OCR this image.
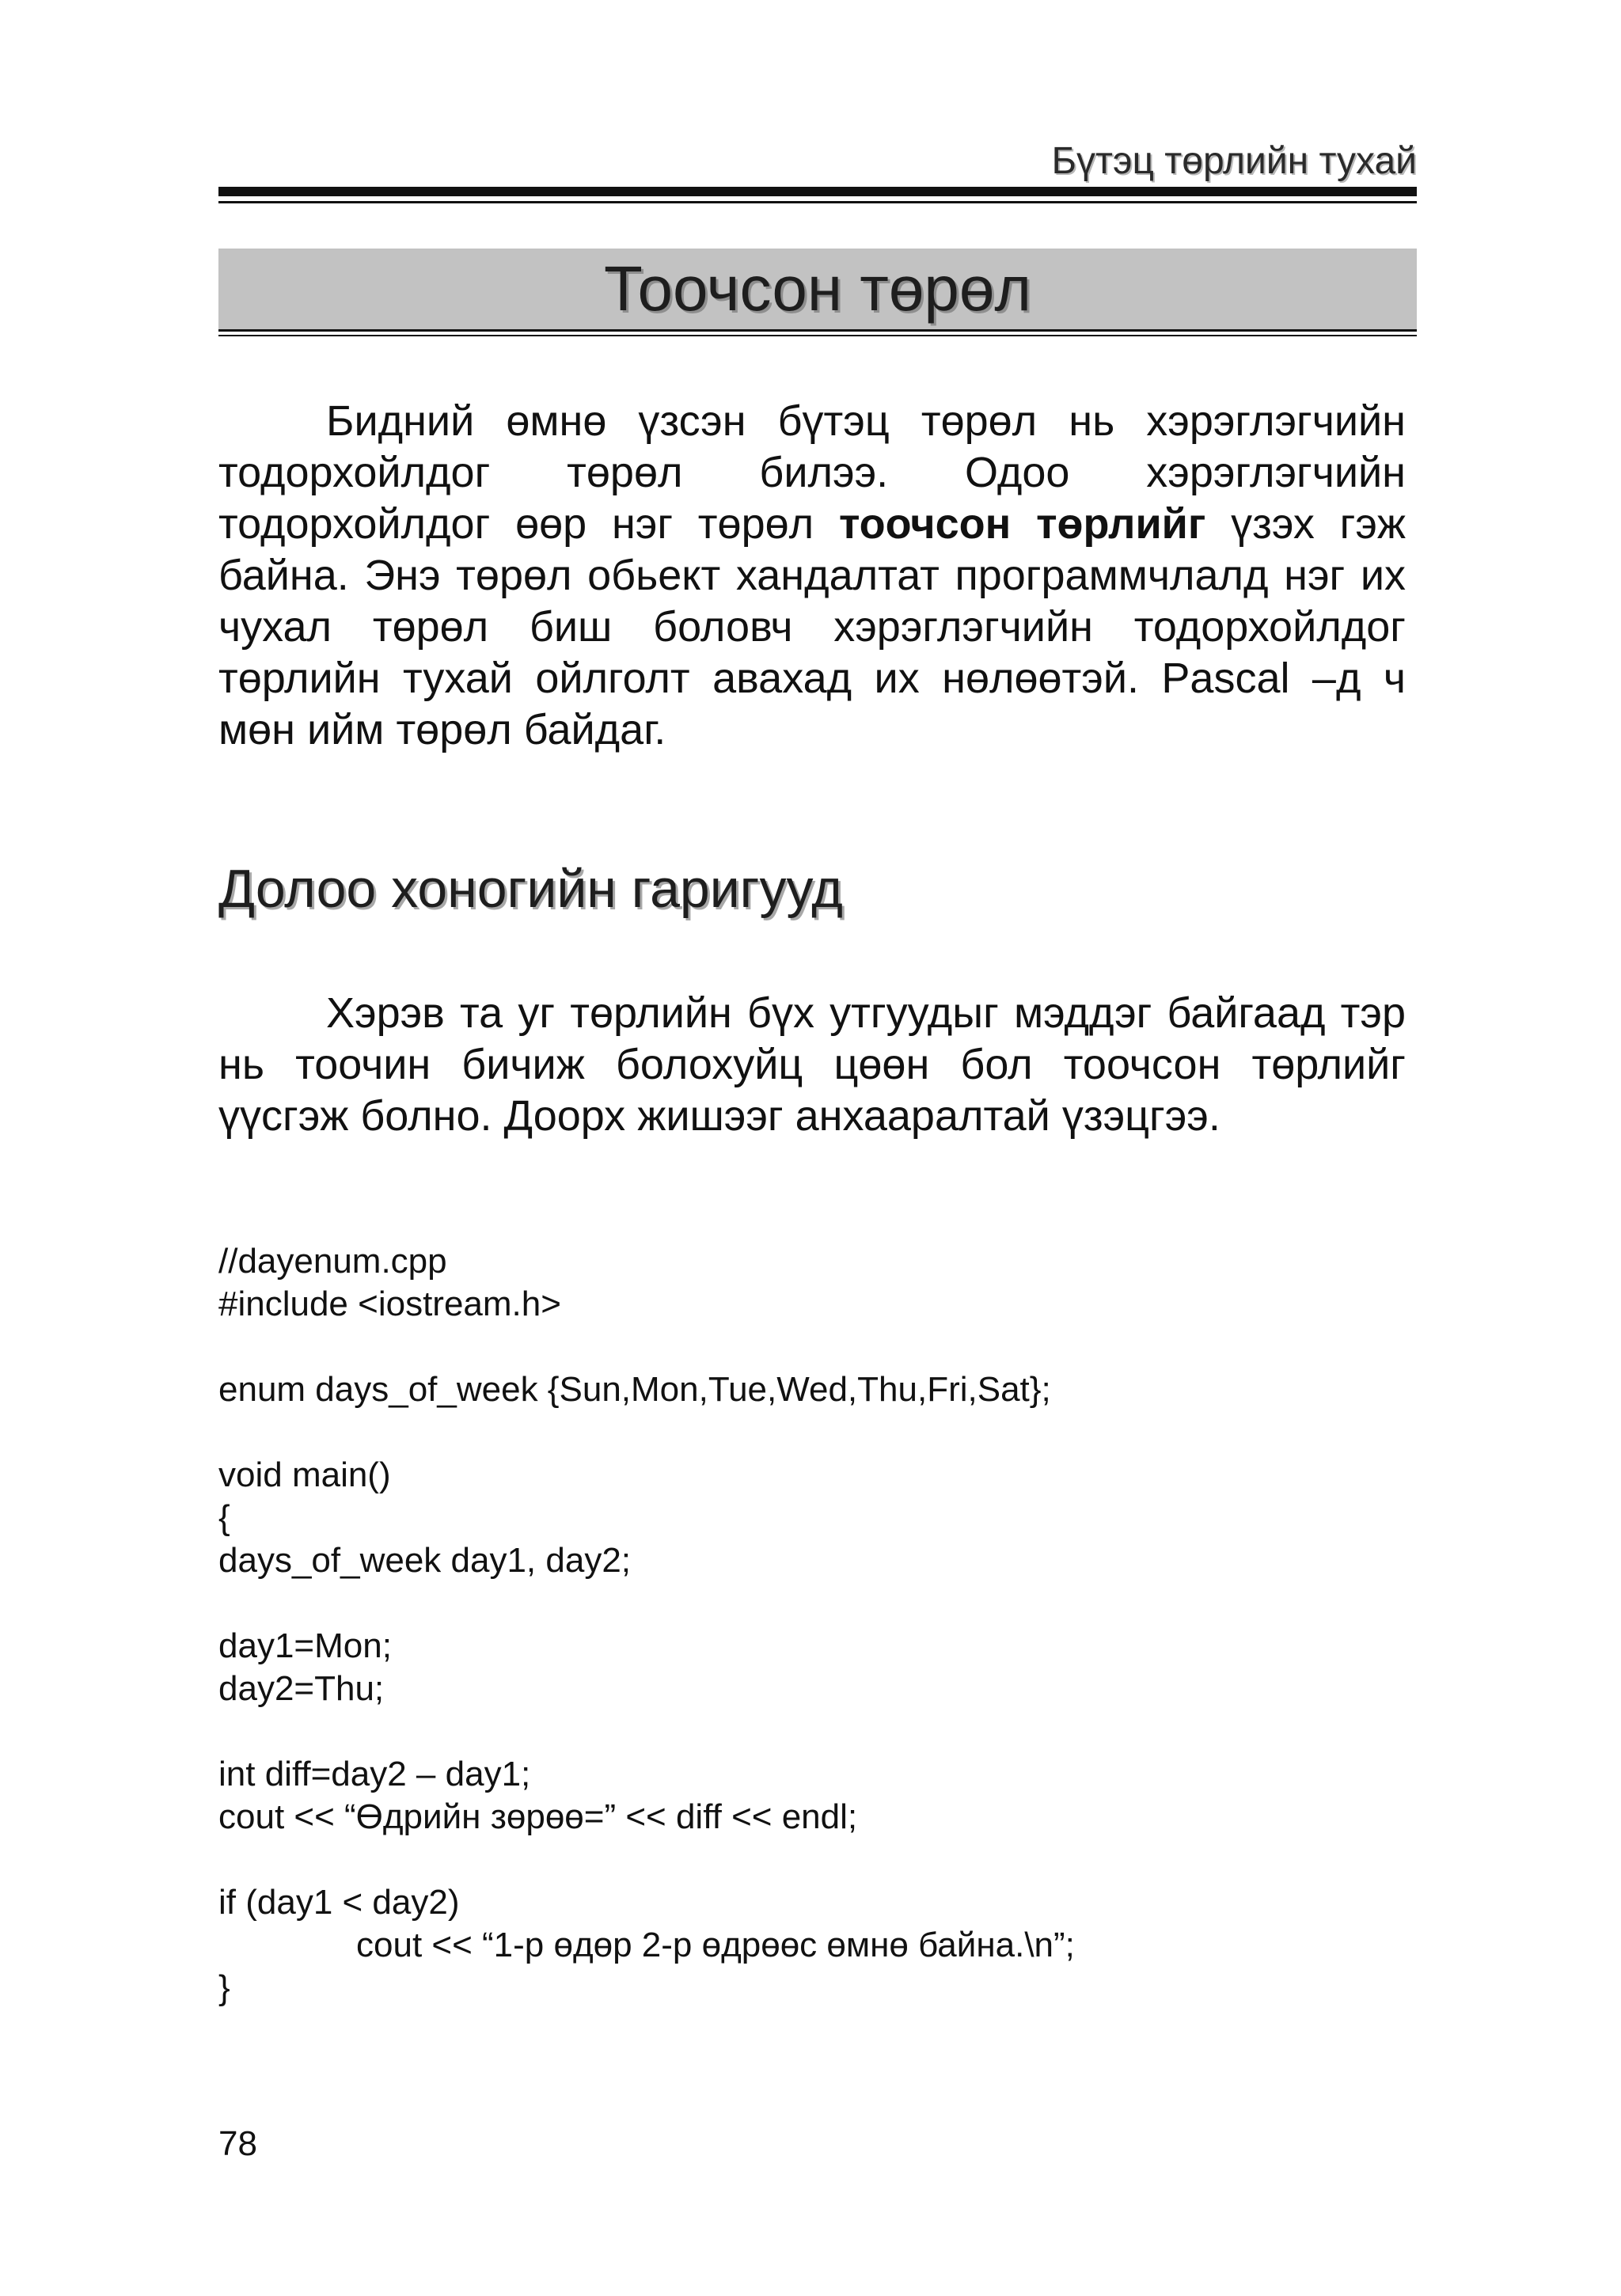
Бүтэц төрлийн тухай
Тоочсон төрөл

Бидний өмнө үзсэн бүтэц төрөл нь хэрэглэгчийн тодорхойлдог төрөл билээ. Одоо хэрэглэгчийн тодорхойлдог өөр нэг төрөл тоочсон төрлийг үзэх гэж байна. Энэ төрөл обьект хандалтат программчлалд нэг их чухал төрөл биш боловч хэрэглэгчийн тодорхойлдог төрлийн тухай ойлголт авахад их нөлөөтэй. Pascal –д ч мөн ийм төрөл байдаг.

Долоо хоногийн гаригууд

Хэрэв та уг төрлийн бүх утгуудыг мэддэг байгаад тэр нь тоочин бичиж болохуйц цөөн бол тоочсон төрлийг үүсгэж болно. Доорх жишээг анхааралтай үзэцгээ.

//dayenum.cpp
#include <iostream.h>
enum days_of_week {Sun,Mon,Tue,Wed,Thu,Fri,Sat};
void main()
{
days_of_week day1, day2;
day1=Mon;
day2=Thu;
int diff=day2 – day1;
cout << “Өдрийн зөрөө=” << diff << endl;
if (day1 < day2)
cout << “1-р өдөр 2-р өдрөөс өмнө байна.\n”;
}
78
